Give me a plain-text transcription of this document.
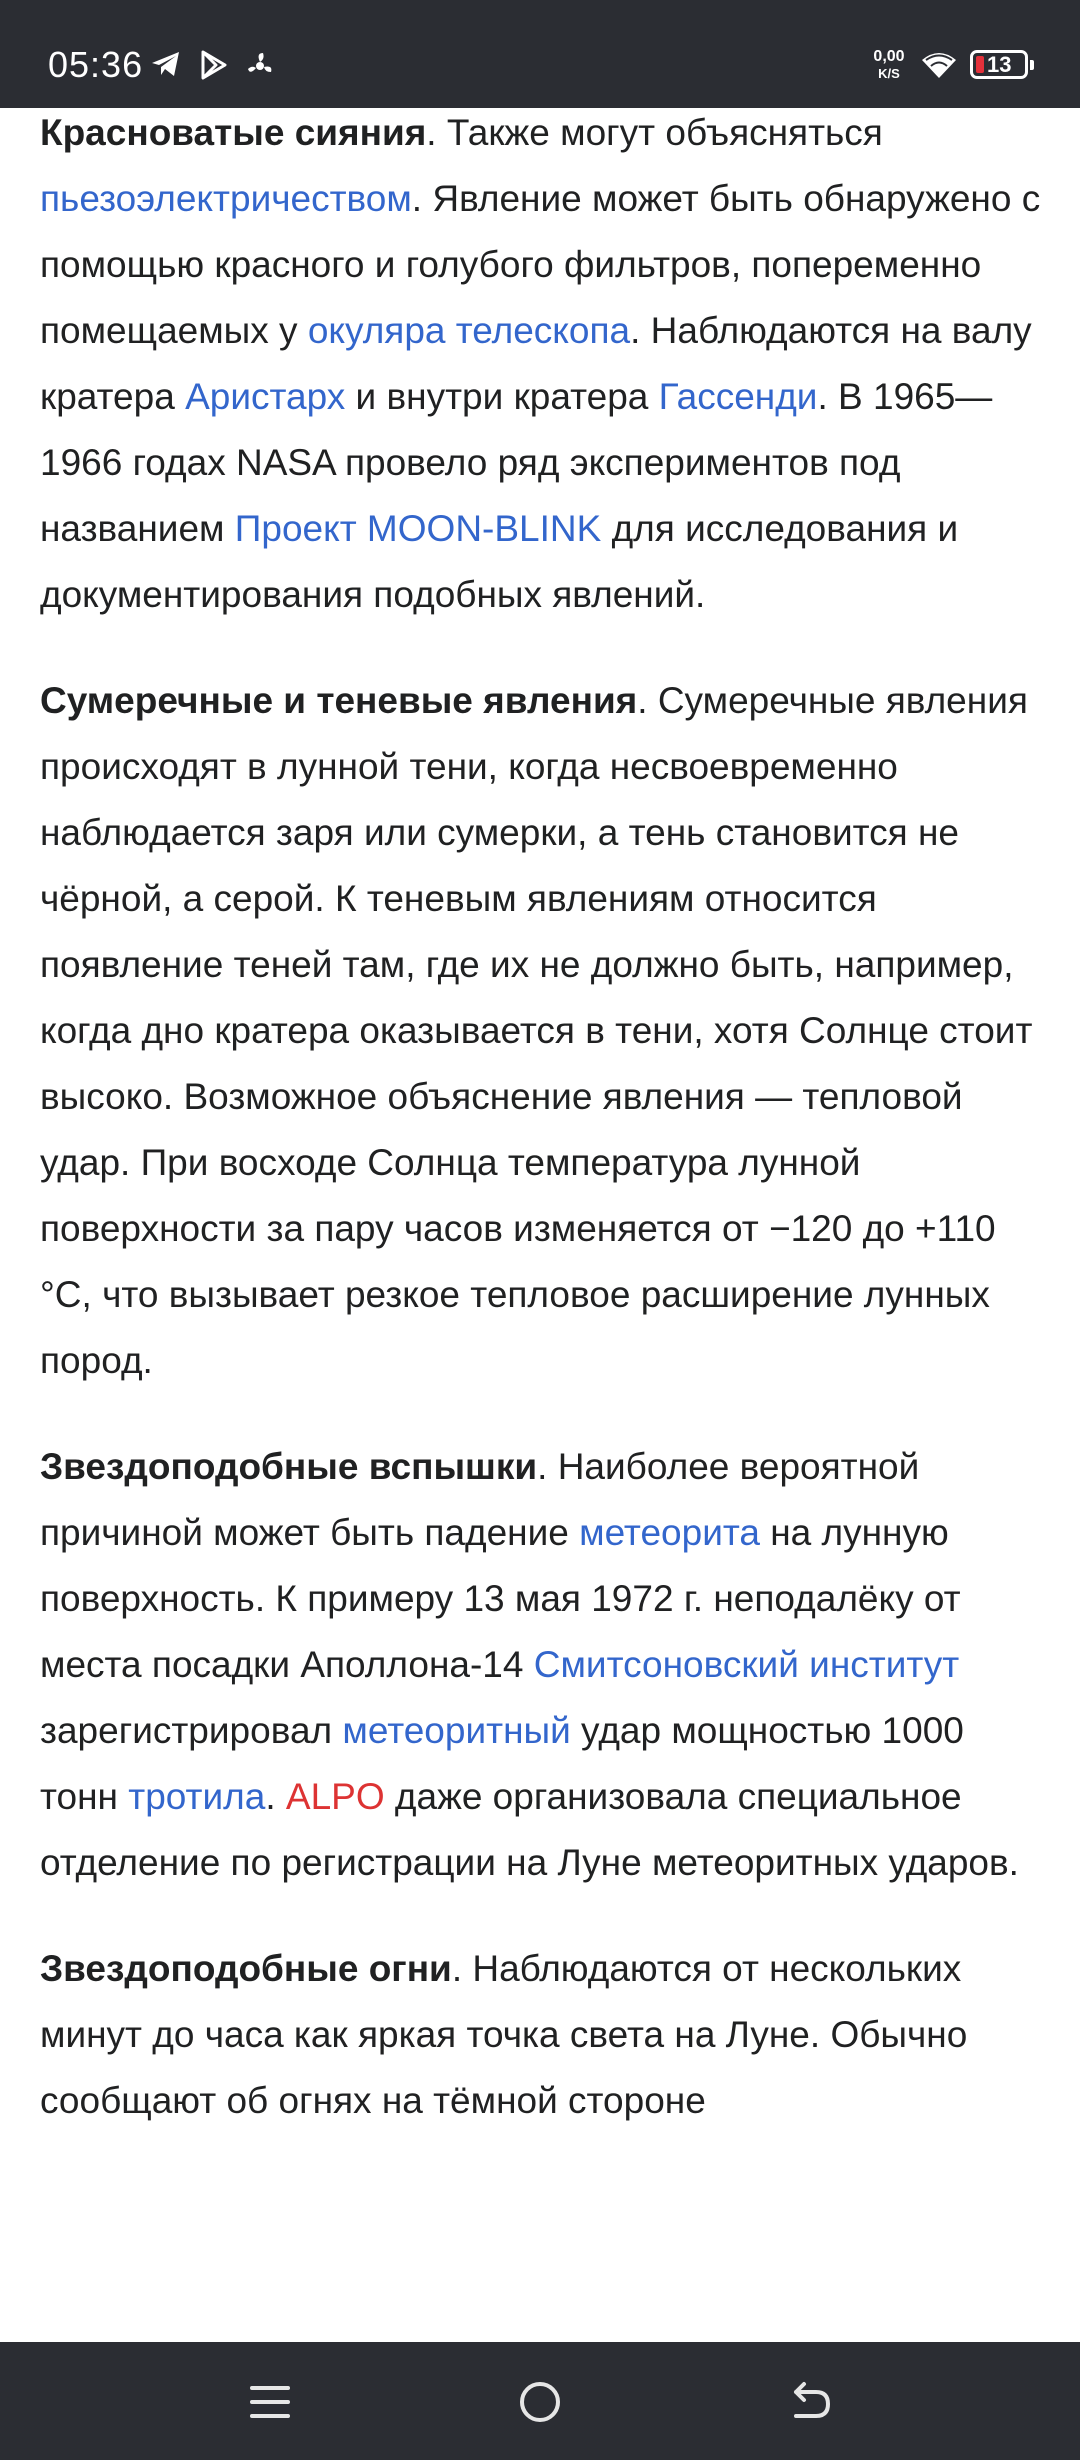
05:36	0,00
K/S	13

Красноватые сияния. Также могут объясняться пьезоэлектричеством. Явление может быть обнаружено с помощью красного и голубого фильтров, попеременно помещаемых у окуляра телескопа. Наблюдаются на валу кратера Аристарх и внутри кратера Гассенди. В 1965—1966 годах NASA провело ряд экспериментов под названием Проект MOON-BLINK для исследования и документирования подобных явлений.

Сумеречные и теневые явления. Сумеречные явления происходят в лунной тени, когда несвоевременно наблюдается заря или сумерки, а тень становится не чёрной, а серой. К теневым явлениям относится появление теней там, где их не должно быть, например, когда дно кратера оказывается в тени, хотя Солнце стоит высоко. Возможное объяснение явления — тепловой удар. При восходе Солнца температура лунной поверхности за пару часов изменяется от −120 до +110 °C, что вызывает резкое тепловое расширение лунных пород.

Звездоподобные вспышки. Наиболее вероятной причиной может быть падение метеорита на лунную поверхность. К примеру 13 мая 1972 г. неподалёку от места посадки Аполлона-14 Смитсоновский институт зарегистрировал метеоритный удар мощностью 1000 тонн тротила. ALPO даже организовала специальное отделение по регистрации на Луне метеоритных ударов.

Звездоподобные огни. Наблюдаются от нескольких минут до часа как яркая точка света на Луне. Обычно сообщают об огнях на тёмной стороне
